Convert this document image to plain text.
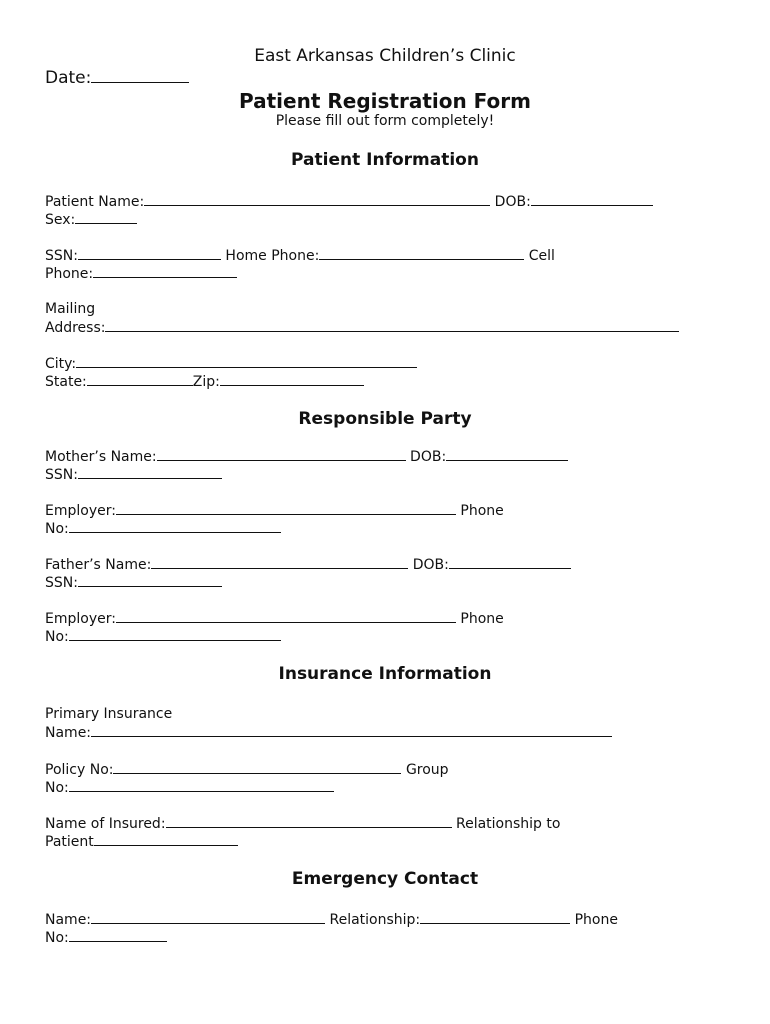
East Arkansas Children’s Clinic
Date:
Patient Registration Form
Please fill out form completely!
Patient Information
Patient Name:	DOB:
Sex:
SSN:	Home Phone:	Cell
Phone:
Mailing
Address:
City:
State:	Zip:
Responsible Party
Mother’s Name:	DOB:
SSN:
Employer:	Phone
No:
Father’s Name:	DOB:
SSN:
Employer:	Phone
No:
Insurance Information
Primary Insurance
Name:
Policy No:	Group
No:
Name of Insured:	Relationship to
Patient
Emergency Contact
Name:	Relationship:	Phone
No:
